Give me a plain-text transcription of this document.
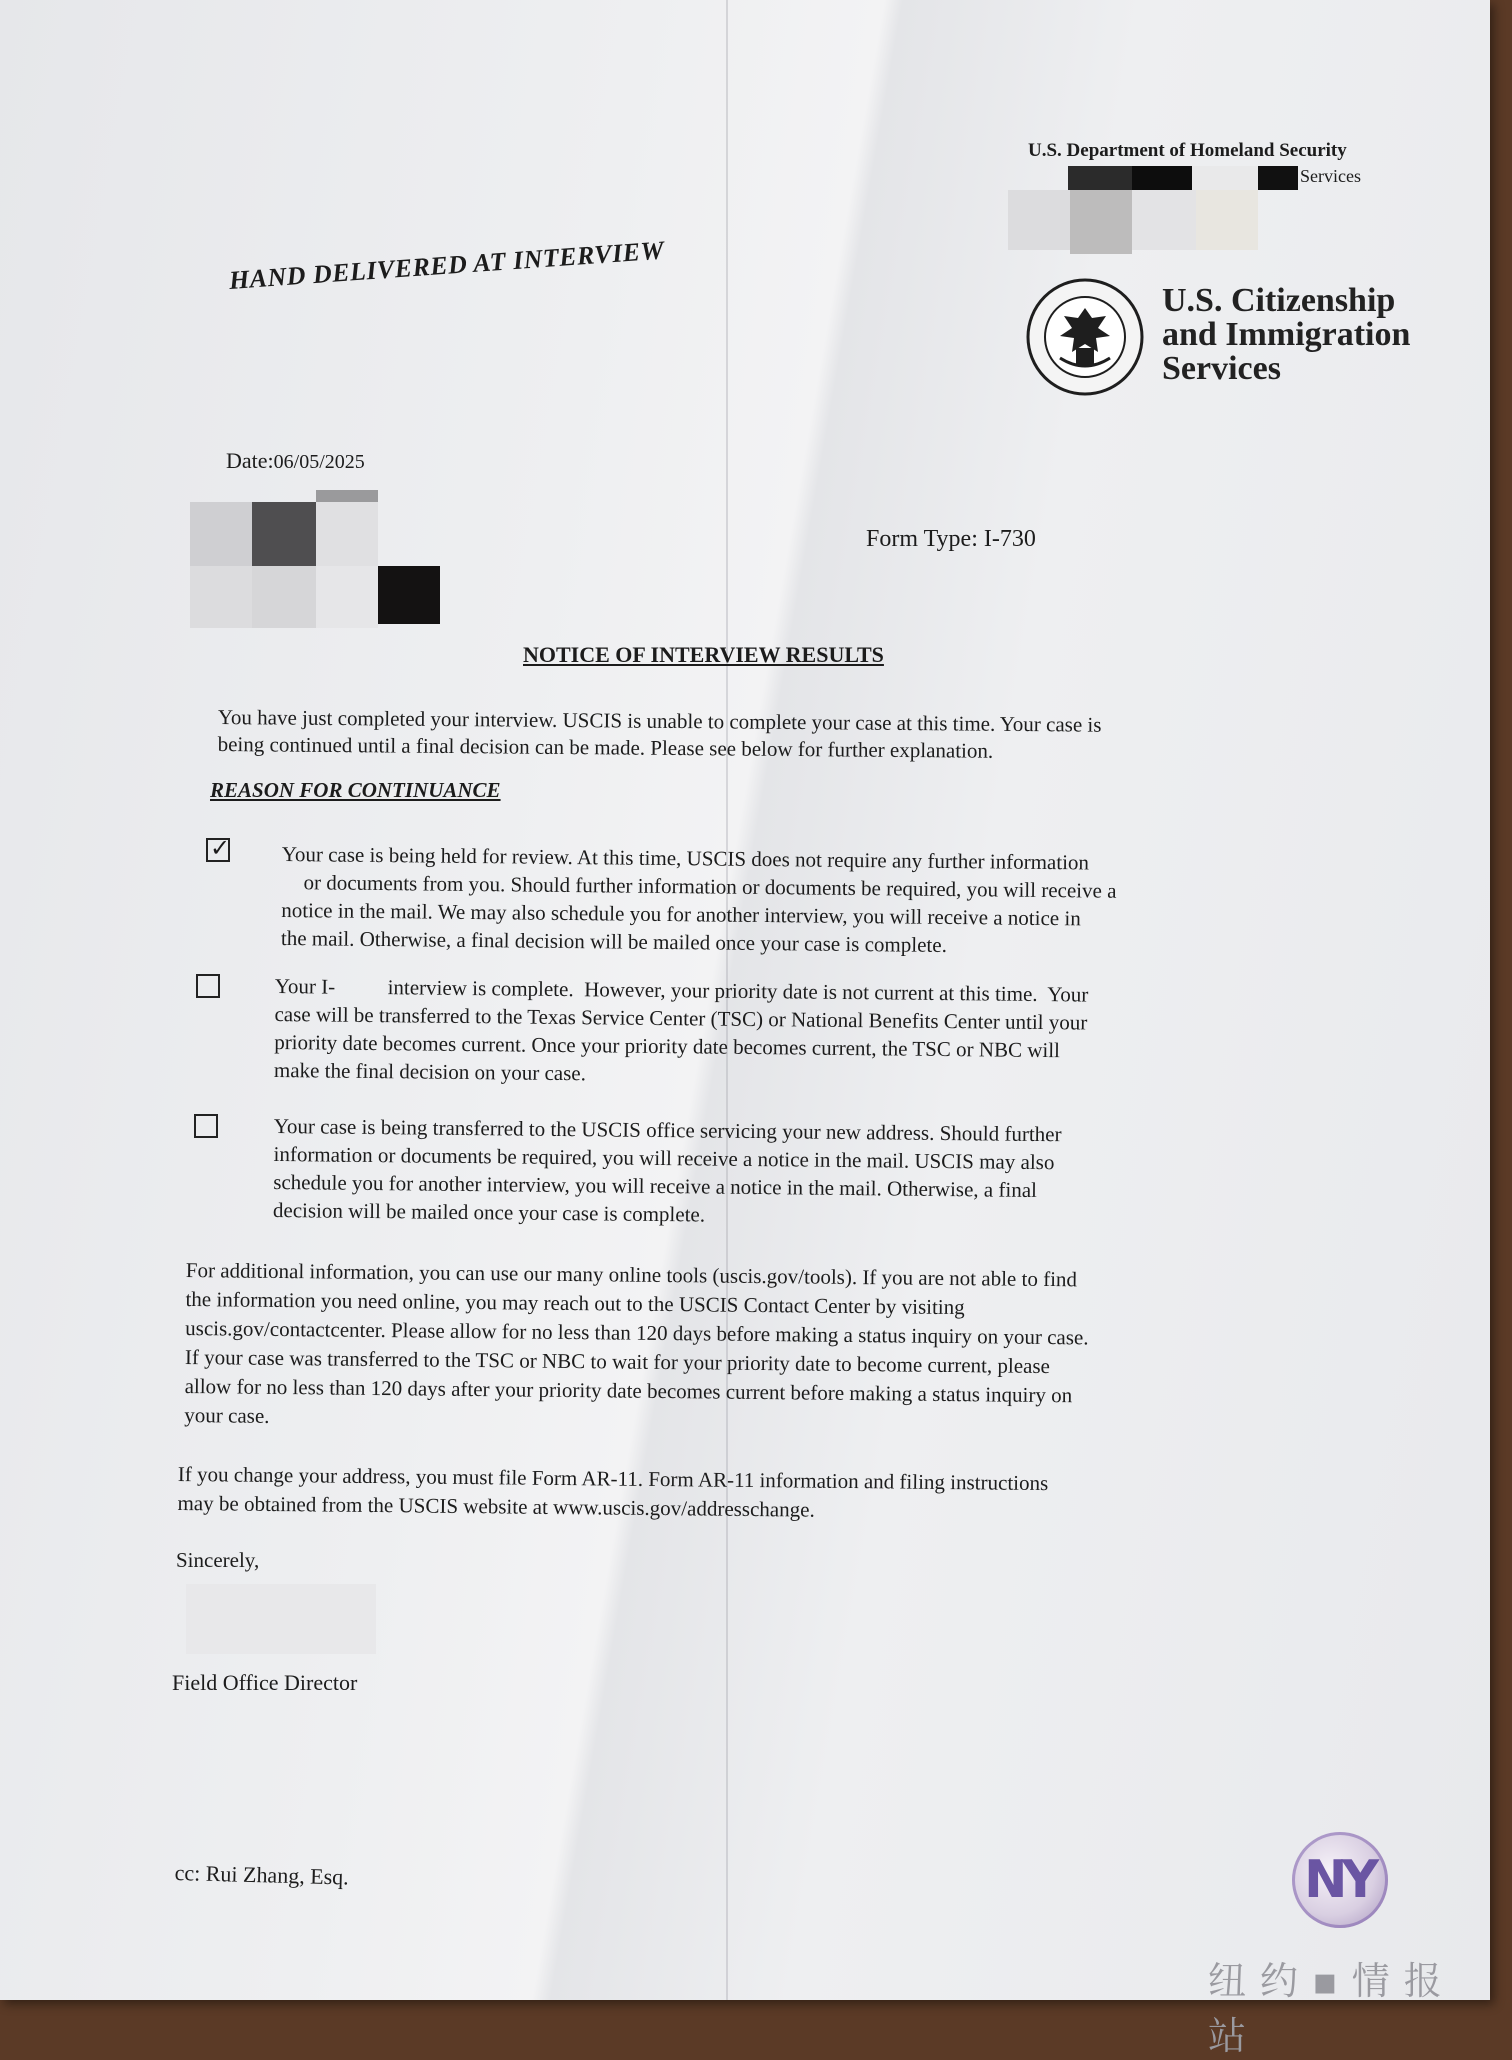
U.S. Department of Homeland Security
Services
U.S. Citizenship
and Immigration
Services
HAND DELIVERED AT INTERVIEW
Date:06/05/2025
Form Type: I-730
NOTICE OF INTERVIEW RESULTS
You have just completed your interview. USCIS is unable to complete your case at this time. Your case is
being continued until a final decision can be made. Please see below for further explanation.
REASON FOR CONTINUANCE
✓ Your case is being held for review. At this time, USCIS does not require any further information
or documents from you. Should further information or documents be required, you will receive a
notice in the mail. We may also schedule you for another interview, you will receive a notice in
the mail. Otherwise, a final decision will be mailed once your case is complete.
Your I-          interview is complete.  However, your priority date is not current at this time.  Your
case will be transferred to the Texas Service Center (TSC) or National Benefits Center until your
priority date becomes current. Once your priority date becomes current, the TSC or NBC will
make the final decision on your case.
Your case is being transferred to the USCIS office servicing your new address. Should further
information or documents be required, you will receive a notice in the mail. USCIS may also
schedule you for another interview, you will receive a notice in the mail. Otherwise, a final
decision will be mailed once your case is complete.
For additional information, you can use our many online tools (uscis.gov/tools). If you are not able to find
the information you need online, you may reach out to the USCIS Contact Center by visiting
uscis.gov/contactcenter. Please allow for no less than 120 days before making a status inquiry on your case.
If your case was transferred to the TSC or NBC to wait for your priority date to become current, please
allow for no less than 120 days after your priority date becomes current before making a status inquiry on
your case.
If you change your address, you must file Form AR-11. Form AR-11 information and filing instructions
may be obtained from the USCIS website at www.uscis.gov/addresschange.
Sincerely,
Field Office Director
cc: Rui Zhang, Esq.	NY
纽约▪情报站
